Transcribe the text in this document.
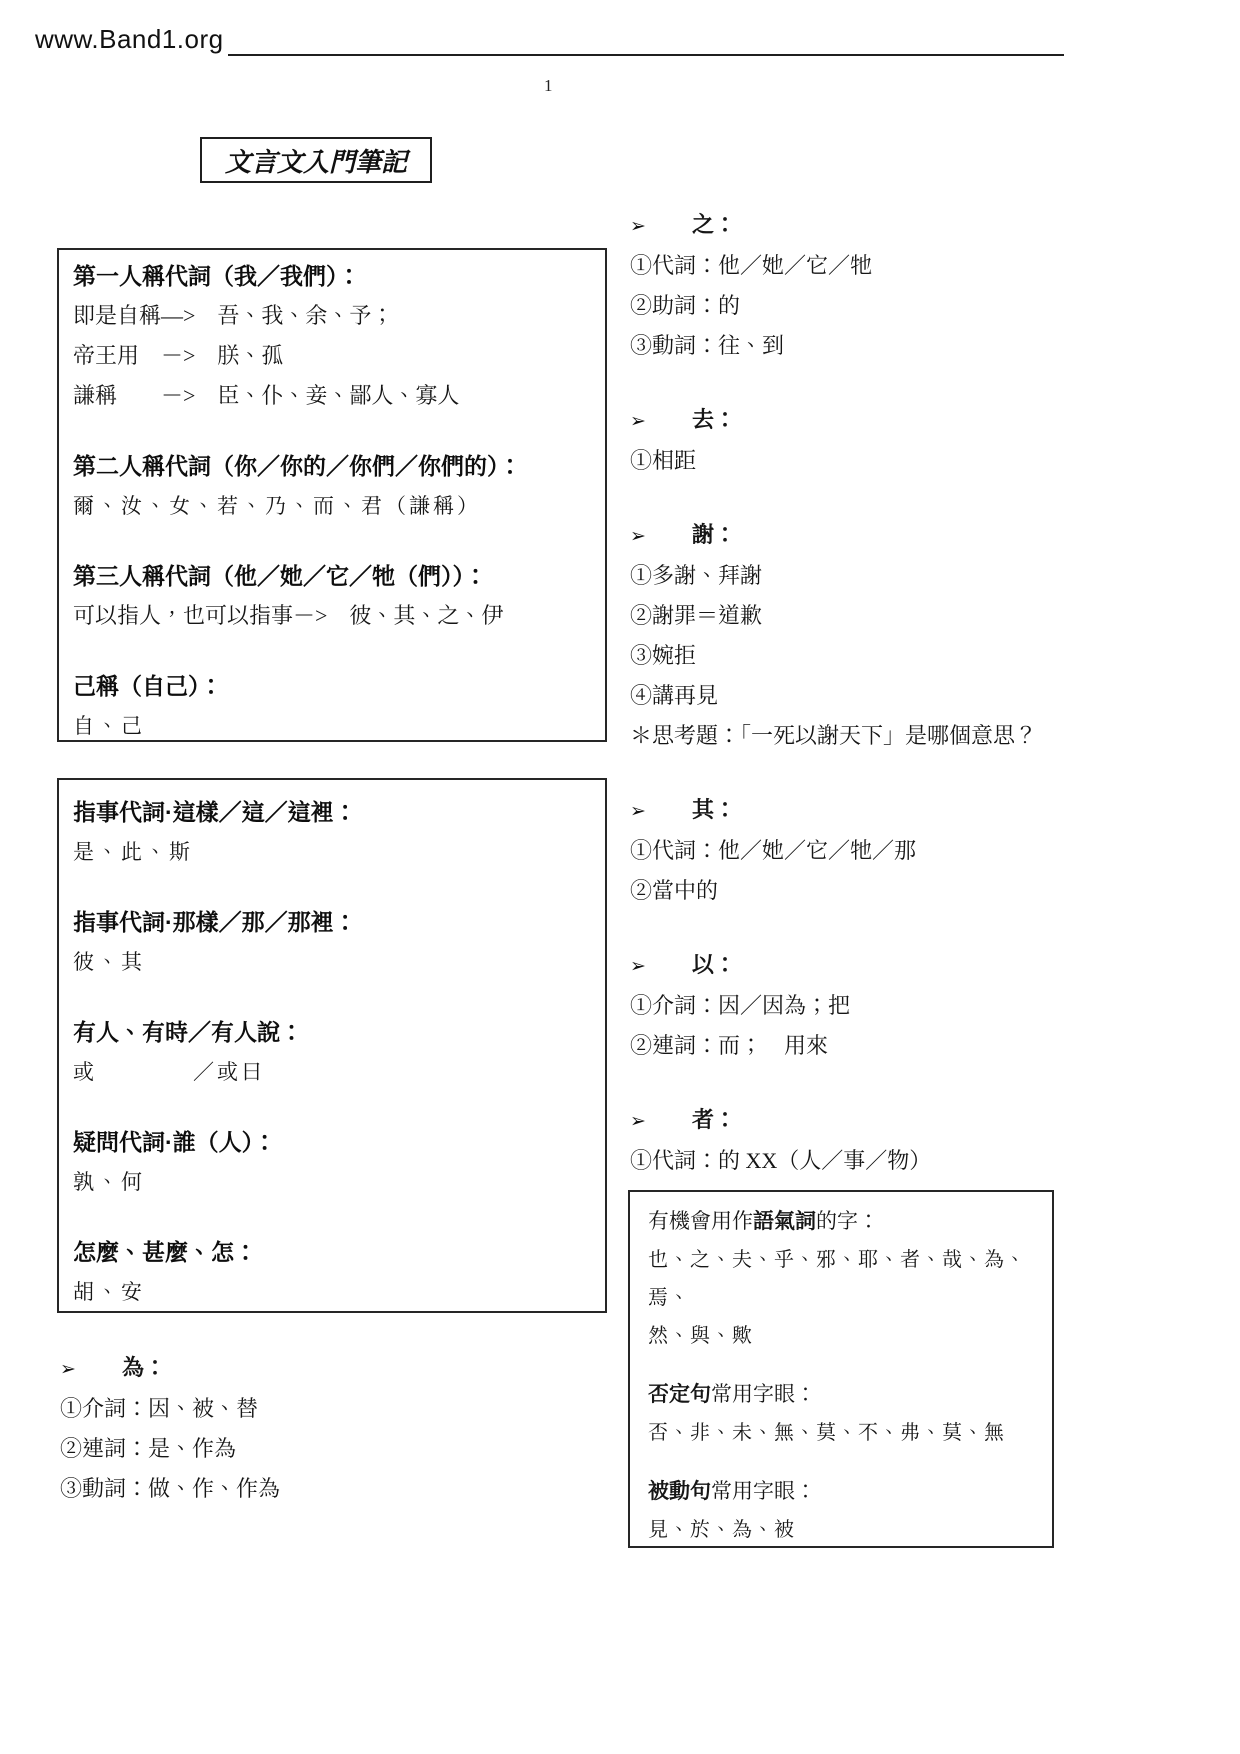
www.Band1.org
1
文言文入門筆記
第一人稱代詞（我／我們）：
即是自稱—>　吾、我、余、予；
帝王用　－>　朕、孤
謙稱　　－>　臣、仆、妾、鄙人、寡人
第二人稱代詞（你／你的／你們／你們的）：
爾、汝、女、若、乃、而、君（謙稱）
第三人稱代詞（他／她／它／牠（們））：
可以指人，也可以指事－>　彼、其、之、伊
己稱（自己）：
自、己
指事代詞·這樣／這／這裡：
是、此、斯
指事代詞·那樣／那／那裡：
彼、其
有人、有時／有人說：
或　　　　／或曰
疑問代詞·誰（人）：
孰、何
怎麼、甚麼、怎：
胡、安
➢ 為：
①介詞：因、被、替
②連詞：是、作為
③動詞：做、作、作為
➢ 之：
①代詞：他／她／它／牠
②助詞：的
③動詞：往、到
➢ 去：
①相距
➢ 謝：
①多謝、拜謝
②謝罪＝道歉
③婉拒
④講再見
＊思考題：「一死以謝天下」是哪個意思？
➢ 其：
①代詞：他／她／它／牠／那
②當中的
➢ 以：
①介詞：因／因為；把
②連詞：而；　用來
➢ 者：
①代詞：的 XX（人／事／物）
有機會用作語氣詞的字：
也、之、夫、乎、邪、耶、者、哉、為、焉、
然、與、歟
否定句常用字眼：
否、非、未、無、莫、不、弗、莫、無
被動句常用字眼：
見、於、為、被
